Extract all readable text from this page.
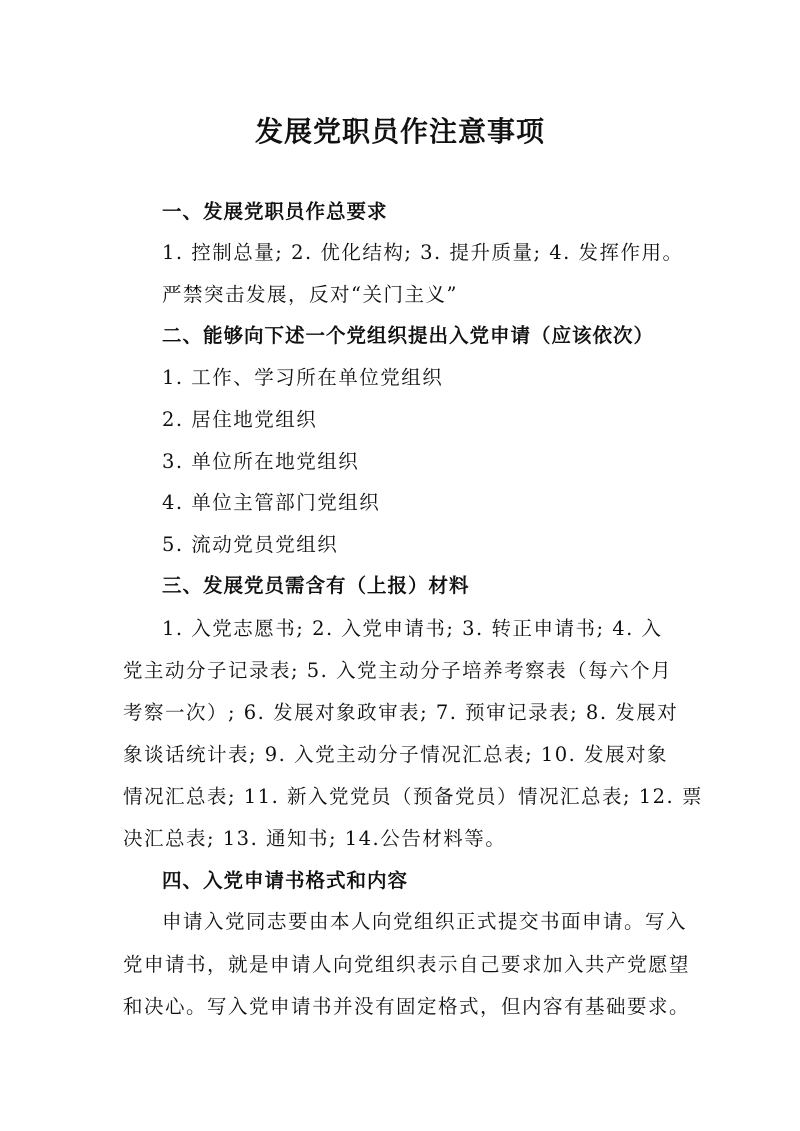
发展党职员作注意事项
一、发展党职员作总要求
1. 控制总量; 2. 优化结构; 3. 提升质量; 4. 发挥作用。
严禁突击发展，反对“关门主义”
二、能够向下述一个党组织提出入党申请（应该依次）
1. 工作、学习所在单位党组织
2. 居住地党组织
3. 单位所在地党组织
4. 单位主管部门党组织
5. 流动党员党组织
三、发展党员需含有（上报）材料
1. 入党志愿书; 2. 入党申请书; 3. 转正申请书; 4. 入
党主动分子记录表; 5. 入党主动分子培养考察表（每六个月
考察一次）; 6. 发展对象政审表; 7. 预审记录表; 8. 发展对
象谈话统计表; 9. 入党主动分子情况汇总表; 10. 发展对象
情况汇总表; 11. 新入党党员（预备党员）情况汇总表; 12. 票
决汇总表; 13. 通知书; 14.公告材料等。
四、入党申请书格式和内容
申请入党同志要由本人向党组织正式提交书面申请。写入
党申请书，就是申请人向党组织表示自己要求加入共产党愿望
和决心。写入党申请书并没有固定格式，但内容有基础要求。
